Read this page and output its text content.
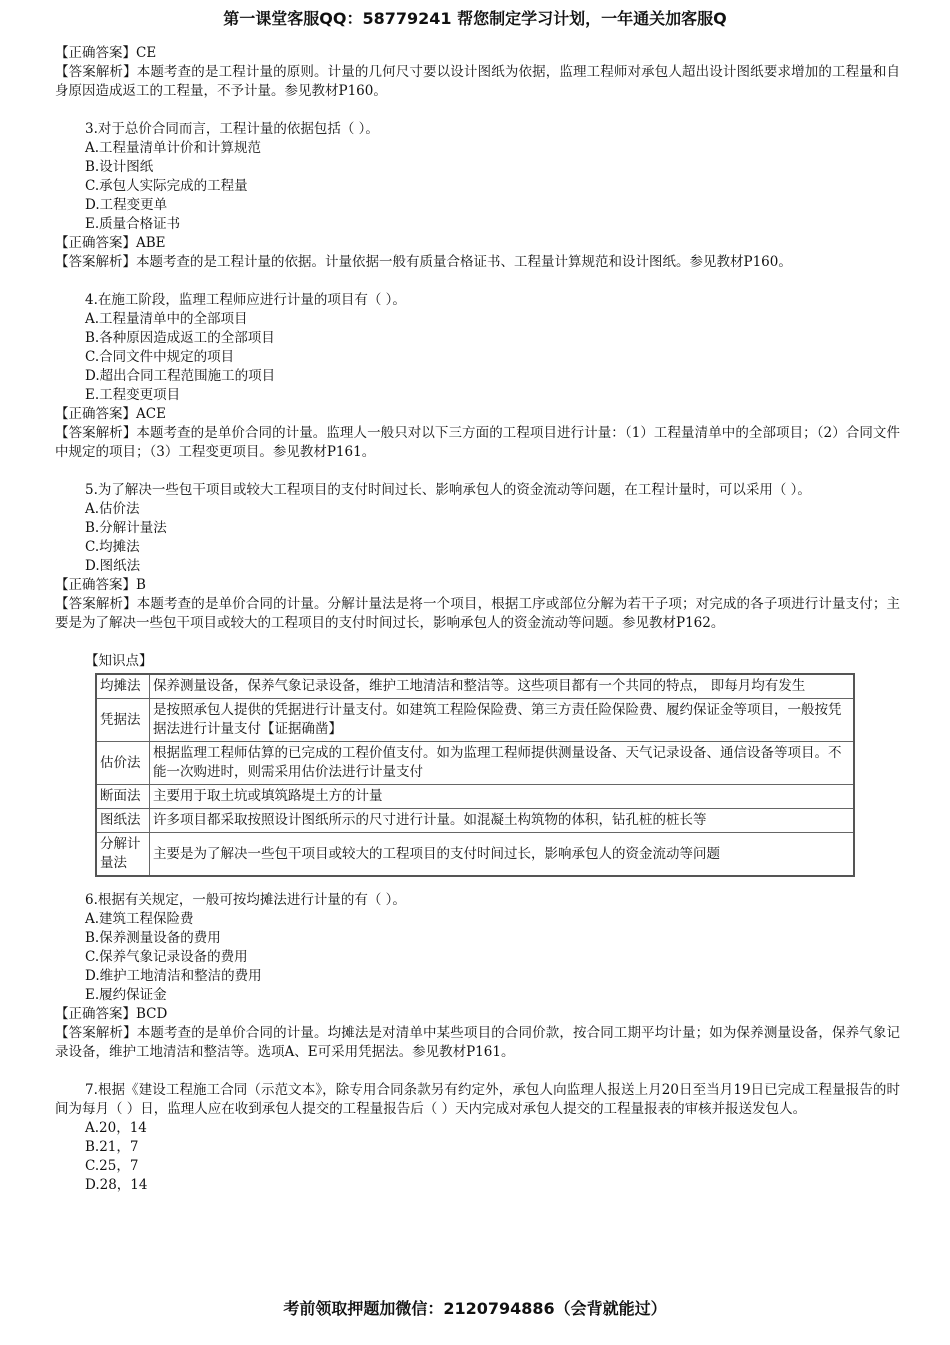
第一课堂客服QQ：58779241 帮您制定学习计划，一年通关加客服Q
【正确答案】CE
【答案解析】本题考查的是工程计量的原则。计量的几何尺寸要以设计图纸为依据，监理工程师对承包人超出设计图纸要求增加的工程量和自身原因造成返工的工程量，不予计量。参见教材P160。
3.对于总价合同而言，工程计量的依据包括（ ）。
A.工程量清单计价和计算规范
B.设计图纸
C.承包人实际完成的工程量
D.工程变更单
E.质量合格证书
【正确答案】ABE
【答案解析】本题考查的是工程计量的依据。计量依据一般有质量合格证书、工程量计算规范和设计图纸。参见教材P160。
4.在施工阶段，监理工程师应进行计量的项目有（ ）。
A.工程量清单中的全部项目
B.各种原因造成返工的全部项目
C.合同文件中规定的项目
D.超出合同工程范围施工的项目
E.工程变更项目
【正确答案】ACE
【答案解析】本题考查的是单价合同的计量。监理人一般只对以下三方面的工程项目进行计量：（1）工程量清单中的全部项目；（2）合同文件中规定的项目；（3）工程变更项目。参见教材P161。
5.为了解决一些包干项目或较大工程项目的支付时间过长、影响承包人的资金流动等问题，在工程计量时，可以采用（ ）。
A.估价法
B.分解计量法
C.均摊法
D.图纸法
【正确答案】B
【答案解析】本题考查的是单价合同的计量。分解计量法是将一个项目，根据工序或部位分解为若干子项；对完成的各子项进行计量支付；主要是为了解决一些包干项目或较大的工程项目的支付时间过长，影响承包人的资金流动等问题。参见教材P162。
【知识点】
均摊法	保养测量设备，保养气象记录设备，维护工地清洁和整洁等。这些项目都有一个共同的特点， 即每月均有发生
凭据法	是按照承包人提供的凭据进行计量支付。如建筑工程险保险费、第三方责任险保险费、履约保证金等项目，一般按凭据法进行计量支付【证据确凿】
估价法	根据监理工程师估算的已完成的工程价值支付。如为监理工程师提供测量设备、天气记录设备、通信设备等项目。不能一次购进时，则需采用估价法进行计量支付
断面法	主要用于取土坑或填筑路堤土方的计量
图纸法	许多项目都采取按照设计图纸所示的尺寸进行计量。如混凝土构筑物的体积，钻孔桩的桩长等
分解计量法	主要是为了解决一些包干项目或较大的工程项目的支付时间过长，影响承包人的资金流动等问题
6.根据有关规定，一般可按均摊法进行计量的有（ ）。
A.建筑工程保险费
B.保养测量设备的费用
C.保养气象记录设备的费用
D.维护工地清洁和整洁的费用
E.履约保证金
【正确答案】BCD
【答案解析】本题考查的是单价合同的计量。均摊法是对清单中某些项目的合同价款，按合同工期平均计量；如为保养测量设备，保养气象记录设备，维护工地清洁和整洁等。选项A、E可采用凭据法。参见教材P161。
7.根据《建设工程施工合同（示范文本》，除专用合同条款另有约定外，承包人向监理人报送上月20日至当月19日已完成工程量报告的时间为每月（ ）日，监理人应在收到承包人提交的工程量报告后（ ）天内完成对承包人提交的工程量报表的审核并报送发包人。
A.20，14
B.21，7
C.25，7
D.28，14
考前领取押题加微信：2120794886（会背就能过）
